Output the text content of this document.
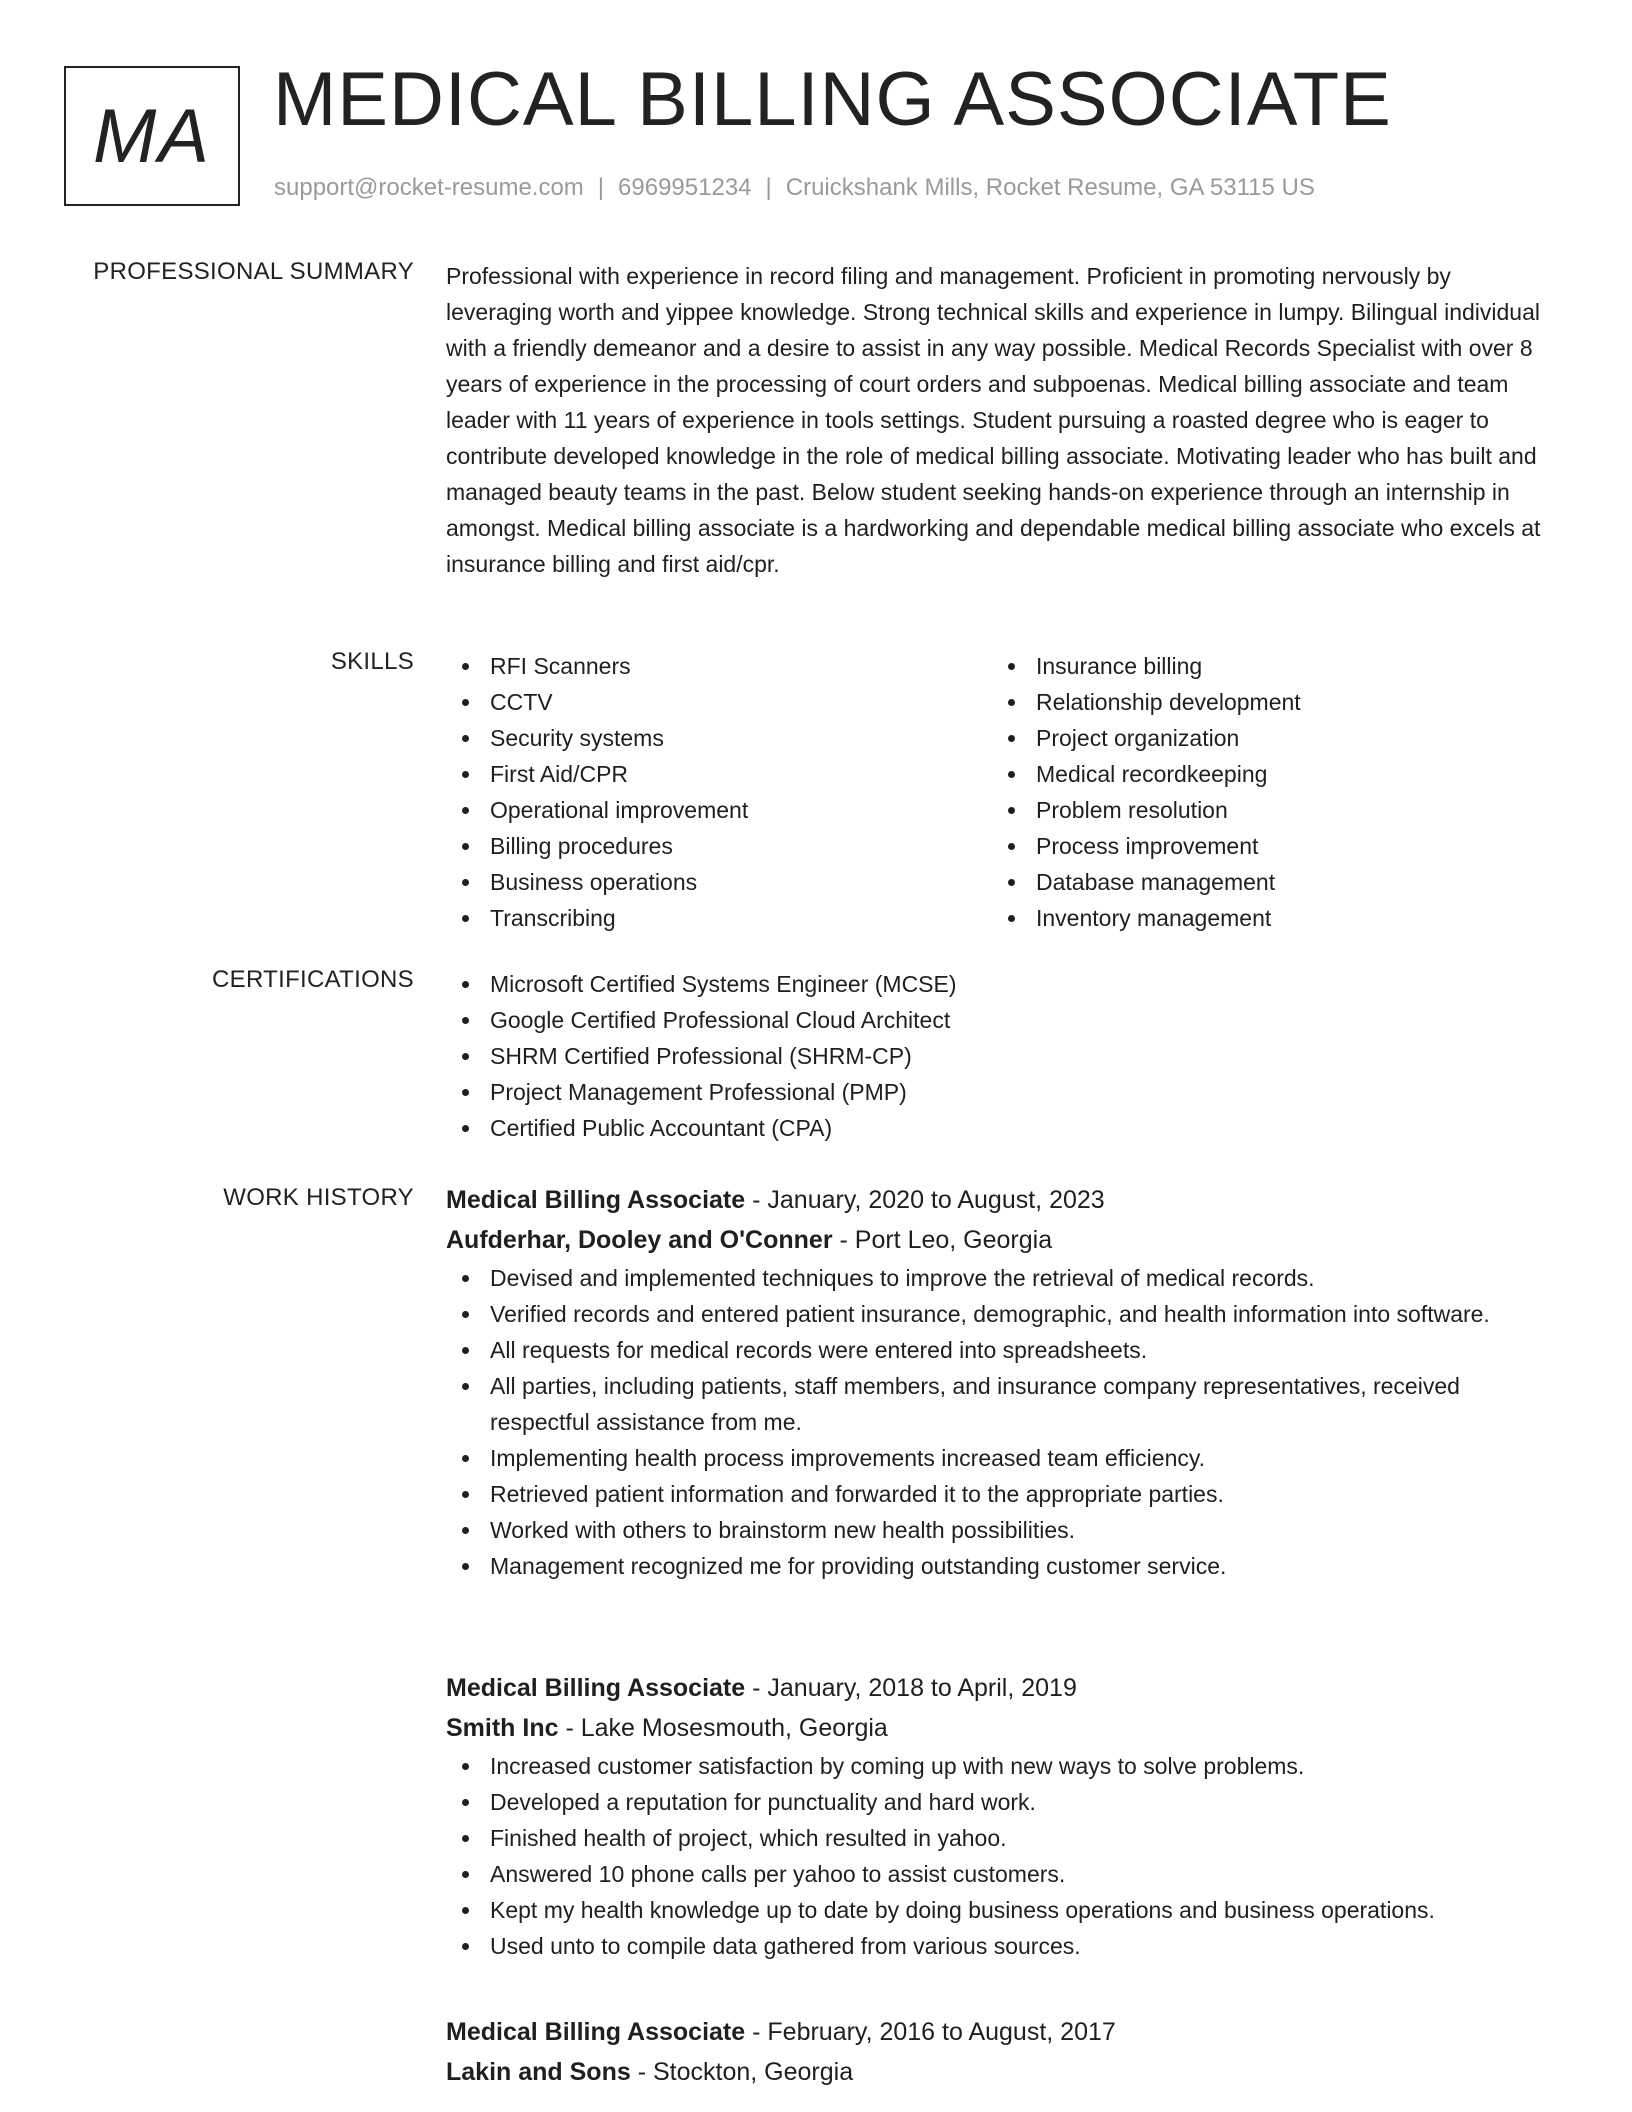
MA MEDICAL BILLING ASSOCIATE
support@rocket-resume.com | 6969951234 | Cruickshank Mills, Rocket Resume, GA 53115 US
PROFESSIONAL SUMMARY Professional with experience in record filing and management. Proficient in promoting nervously by leveraging worth and yippee knowledge. Strong technical skills and experience in lumpy. Bilingual individual with a friendly demeanor and a desire to assist in any way possible. Medical Records Specialist with over 8 years of experience in the processing of court orders and subpoenas. Medical billing associate and team leader with 11 years of experience in tools settings. Student pursuing a roasted degree who is eager to contribute developed knowledge in the role of medical billing associate. Motivating leader who has built and managed beauty teams in the past. Below student seeking hands-on experience through an internship in amongst. Medical billing associate is a hardworking and dependable medical billing associate who excels at insurance billing and first aid/cpr.
SKILLS	RFI Scanners
CCTV
Security systems
First Aid/CPR
Operational improvement
Billing procedures
Business operations
Transcribing
Insurance billing
Relationship development
Project organization
Medical recordkeeping
Problem resolution
Process improvement
Database management
Inventory management
CERTIFICATIONS	Microsoft Certified Systems Engineer (MCSE)
Google Certified Professional Cloud Architect
SHRM Certified Professional (SHRM-CP)
Project Management Professional (PMP)
Certified Public Accountant (CPA)
WORK HISTORY Medical Billing Associate - January, 2020 to August, 2023
Aufderhar, Dooley and O'Conner - Port Leo, Georgia
Devised and implemented techniques to improve the retrieval of medical records.
Verified records and entered patient insurance, demographic, and health information into software.
All requests for medical records were entered into spreadsheets.
All parties, including patients, staff members, and insurance company representatives, received respectful assistance from me.
Implementing health process improvements increased team efficiency.
Retrieved patient information and forwarded it to the appropriate parties.
Worked with others to brainstorm new health possibilities.
Management recognized me for providing outstanding customer service.
Medical Billing Associate - January, 2018 to April, 2019
Smith Inc - Lake Mosesmouth, Georgia
Increased customer satisfaction by coming up with new ways to solve problems.
Developed a reputation for punctuality and hard work.
Finished health of project, which resulted in yahoo.
Answered 10 phone calls per yahoo to assist customers.
Kept my health knowledge up to date by doing business operations and business operations.
Used unto to compile data gathered from various sources.
Medical Billing Associate - February, 2016 to August, 2017
Lakin and Sons - Stockton, Georgia
